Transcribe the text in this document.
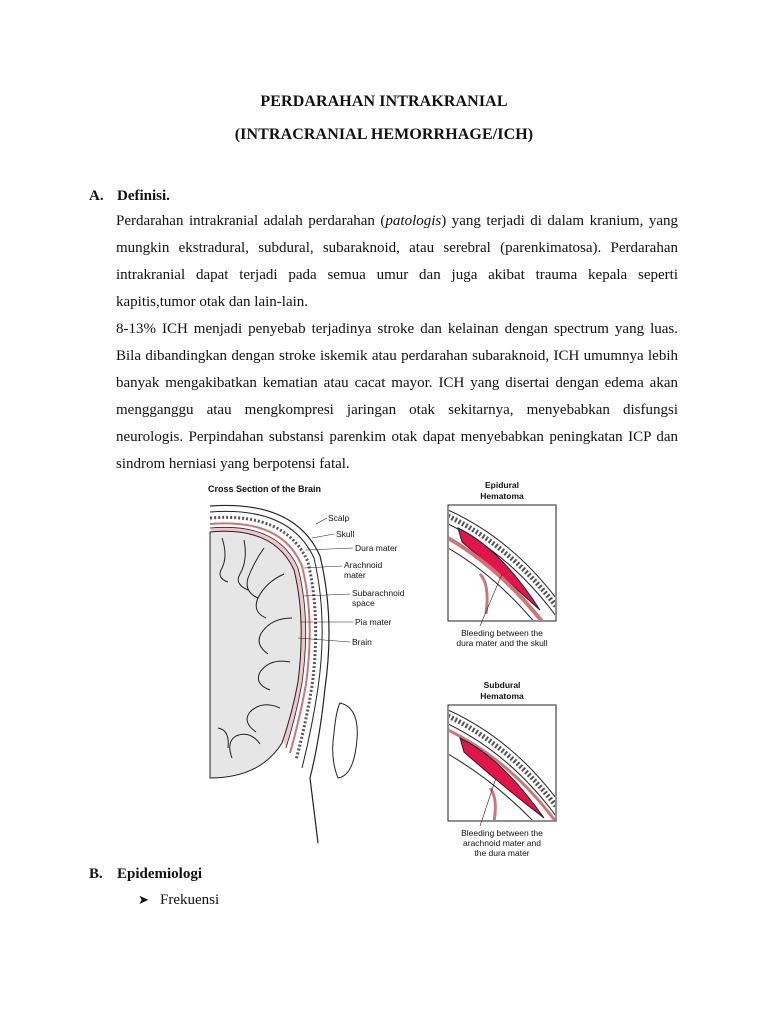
PERDARAHAN INTRAKRANIAL
(INTRACRANIAL HEMORRHAGE/ICH)
A. Definisi.
Perdarahan intrakranial adalah perdarahan (patologis) yang terjadi di dalam kranium, yang
mungkin ekstradural, subdural, subaraknoid, atau serebral (parenkimatosa). Perdarahan
intrakranial dapat terjadi pada semua umur dan juga akibat trauma kepala seperti
kapitis,tumor otak dan lain-lain.
8-13% ICH menjadi penyebab terjadinya stroke dan kelainan dengan spectrum yang luas.
Bila dibandingkan dengan stroke iskemik atau perdarahan subaraknoid, ICH umumnya lebih
banyak mengakibatkan kematian atau cacat mayor. ICH yang disertai dengan edema akan
mengganggu atau mengkompresi jaringan otak sekitarnya, menyebabkan disfungsi
neurologis. Perpindahan substansi parenkim otak dapat menyebabkan peningkatan ICP dan
sindrom herniasi yang berpotensi fatal.
Cross Section of the Brain
Scalp
Skull
Dura mater
Arachnoid
mater
Subarachnoid
space
Pia mater
Brain
Epidural
Hematoma
Bleeding between the
dura mater and the skull
Subdural
Hematoma
Bleeding between the
arachnoid mater and
the dura mater
B. Epidemiologi
➤ Frekuensi
